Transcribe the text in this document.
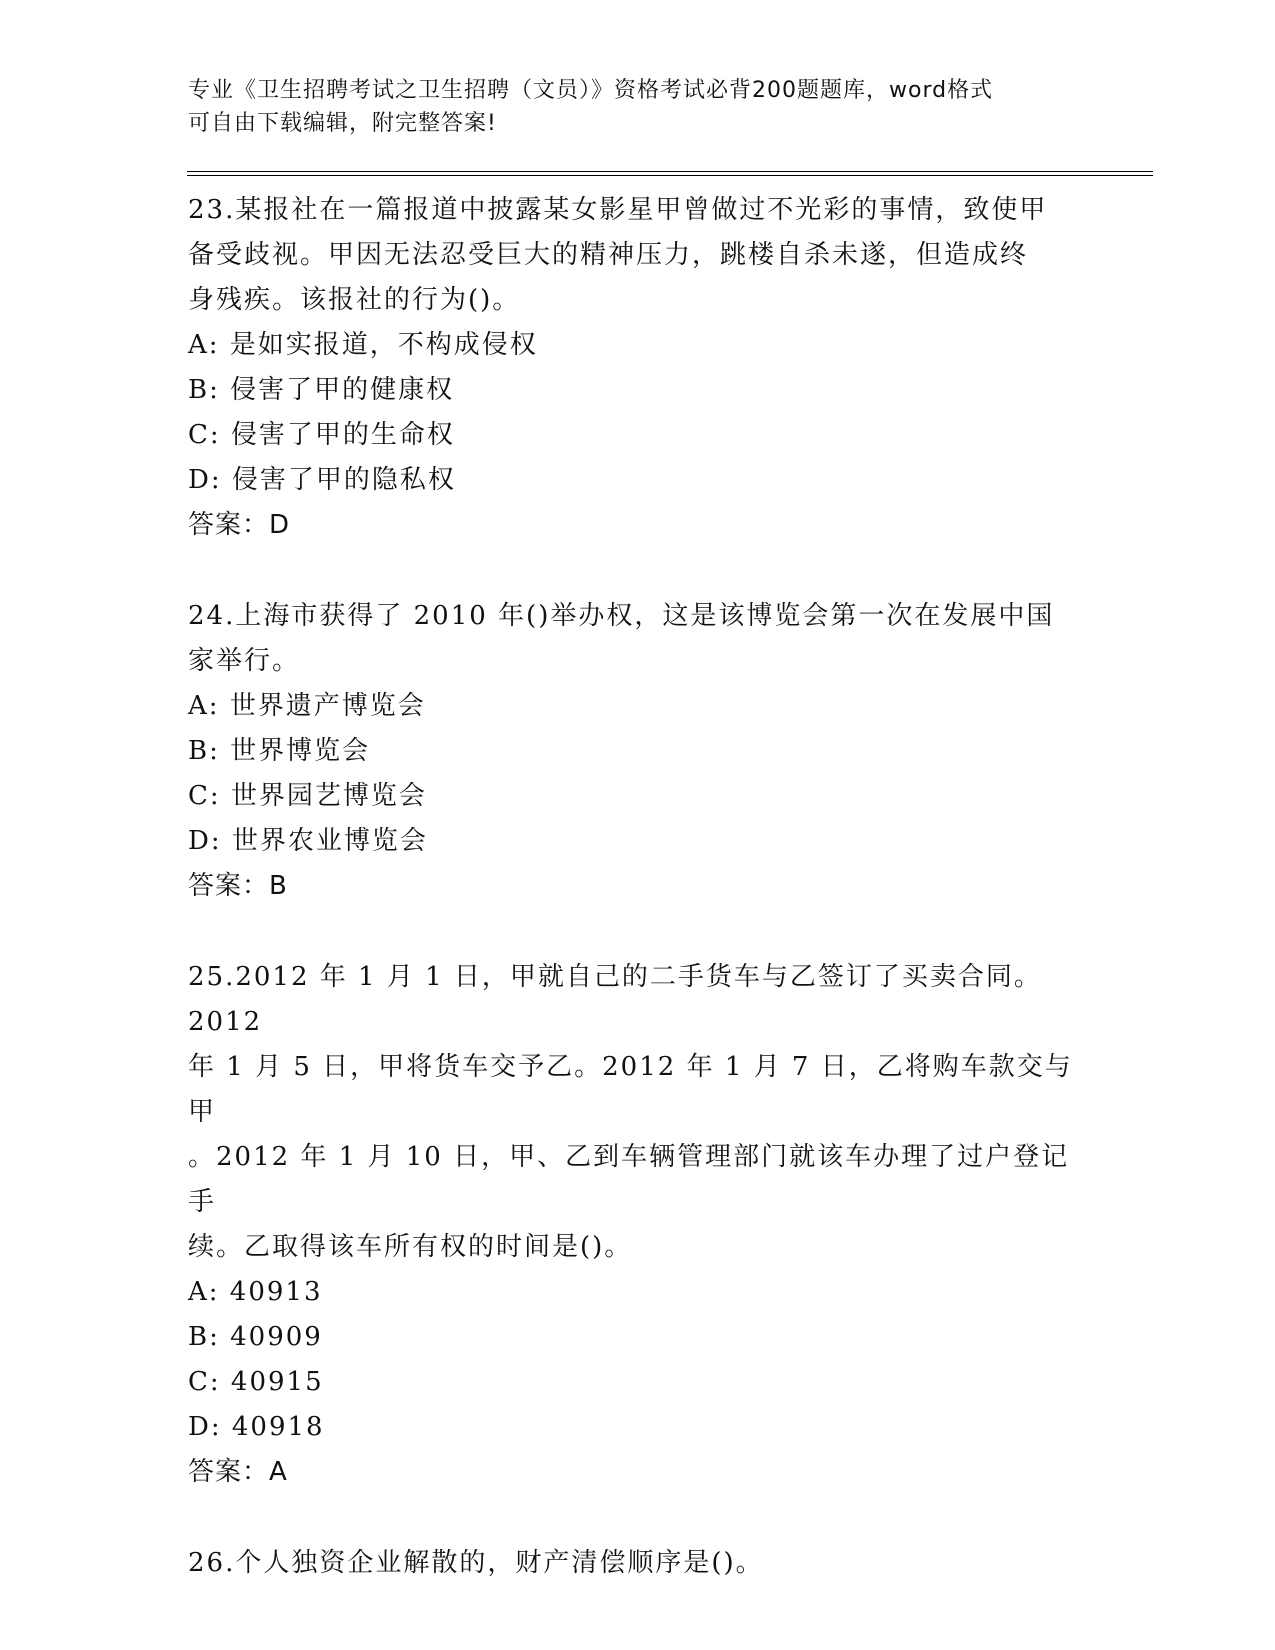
专业《卫生招聘考试之卫生招聘（文员）》资格考试必背200题题库，word格式
可自由下载编辑，附完整答案!
23.某报社在一篇报道中披露某女影星甲曾做过不光彩的事情，致使甲
备受歧视。甲因无法忍受巨大的精神压力，跳楼自杀未遂，但造成终
身残疾。该报社的行为()。
A: 是如实报道，不构成侵权
B: 侵害了甲的健康权
C: 侵害了甲的生命权
D: 侵害了甲的隐私权
答案：D
24.上海市获得了 2010 年()举办权，这是该博览会第一次在发展中国
家举行。
A: 世界遗产博览会
B: 世界博览会
C: 世界园艺博览会
D: 世界农业博览会
答案：B
25.2012 年 1 月 1 日，甲就自己的二手货车与乙签订了买卖合同。2012
年 1 月 5 日，甲将货车交予乙。2012 年 1 月 7 日，乙将购车款交与甲
。2012 年 1 月 10 日，甲、乙到车辆管理部门就该车办理了过户登记手
续。乙取得该车所有权的时间是()。
A: 40913
B: 40909
C: 40915
D: 40918
答案：A
26.个人独资企业解散的，财产清偿顺序是()。
